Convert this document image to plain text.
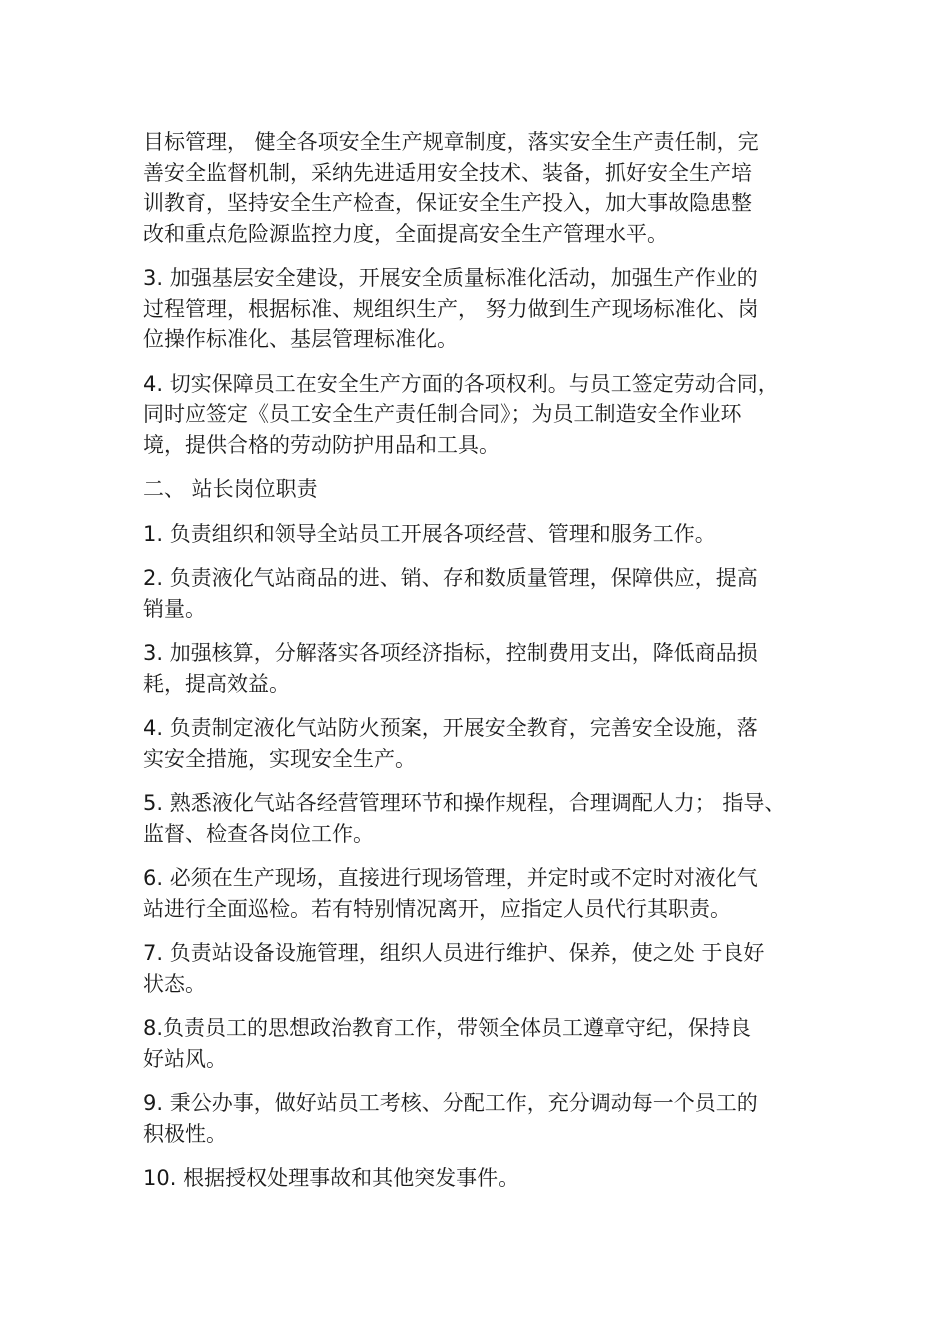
目标管理， 健全各项安全生产规章制度，落实安全生产责任制，完
善安全监督机制，采纳先进适用安全技术、装备，抓好安全生产培
训教育，坚持安全生产检查，保证安全生产投入，加大事故隐患整
改和重点危险源监控力度，全面提高安全生产管理水平。
3. 加强基层安全建设，开展安全质量标准化活动，加强生产作业的
过程管理，根据标准、规组织生产， 努力做到生产现场标准化、岗
位操作标准化、基层管理标准化。
4. 切实保障员工在安全生产方面的各项权利。与员工签定劳动合同，
同时应签定《员工安全生产责任制合同》；为员工制造安全作业环
境，提供合格的劳动防护用品和工具。
二、 站长岗位职责
1. 负责组织和领导全站员工开展各项经营、管理和服务工作。
2. 负责液化气站商品的进、销、存和数质量管理，保障供应，提高
销量。
3. 加强核算，分解落实各项经济指标，控制费用支出，降低商品损
耗，提高效益。
4. 负责制定液化气站防火预案，开展安全教育，完善安全设施，落
实安全措施，实现安全生产。
5. 熟悉液化气站各经营管理环节和操作规程，合理调配人力； 指导、
监督、检查各岗位工作。
6. 必须在生产现场，直接进行现场管理，并定时或不定时对液化气
站进行全面巡检。若有特别情况离开，应指定人员代行其职责。
7. 负责站设备设施管理，组织人员进行维护、保养，使之处 于良好
状态。
8.负责员工的思想政治教育工作，带领全体员工遵章守纪，保持良
好站风。
9. 秉公办事，做好站员工考核、分配工作，充分调动每一个员工的
积极性。
10. 根据授权处理事故和其他突发事件。
